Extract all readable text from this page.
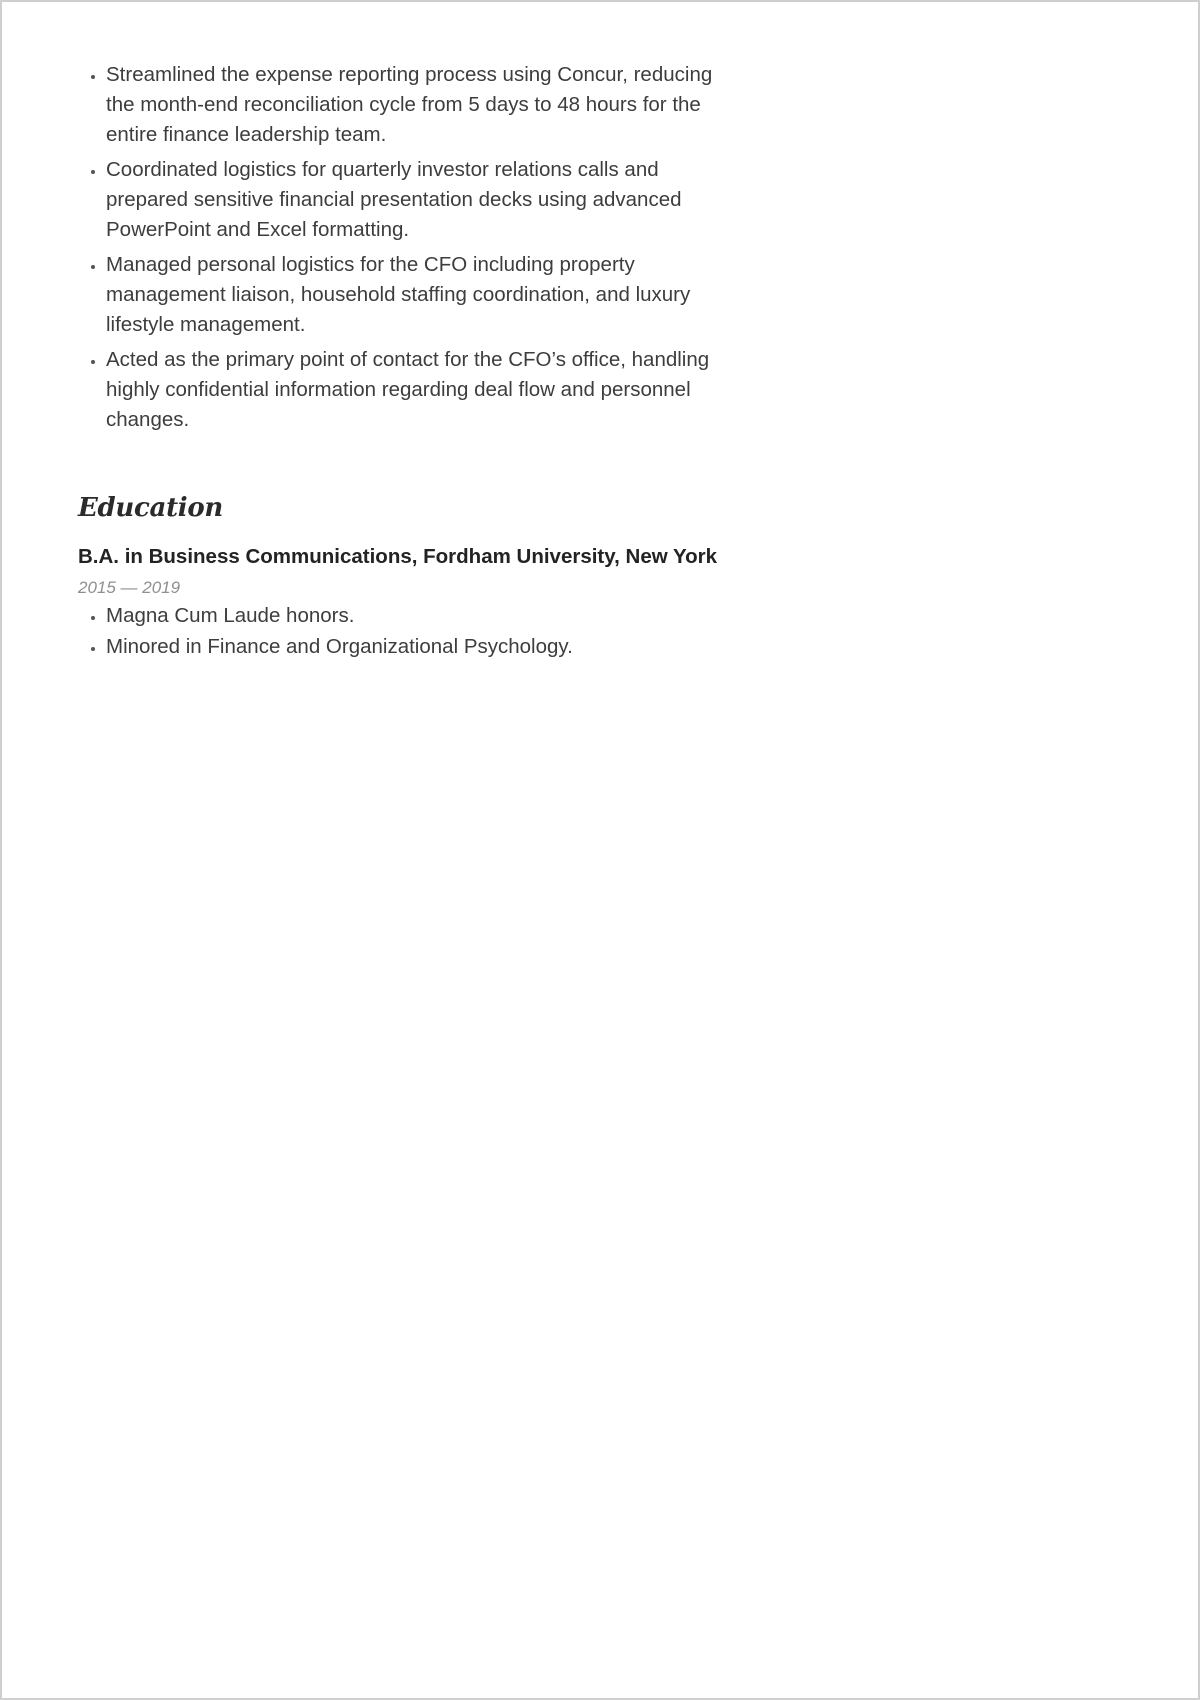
• Streamlined the expense reporting process using Concur, reducing the month-end reconciliation cycle from 5 days to 48 hours for the entire finance leadership team.
• Coordinated logistics for quarterly investor relations calls and prepared sensitive financial presentation decks using advanced PowerPoint and Excel formatting.
• Managed personal logistics for the CFO including property management liaison, household staffing coordination, and luxury lifestyle management.
• Acted as the primary point of contact for the CFO’s office, handling highly confidential information regarding deal flow and personnel changes.
Education
B.A. in Business Communications, Fordham University, New York
2015 — 2019
• Magna Cum Laude honors.
• Minored in Finance and Organizational Psychology.
